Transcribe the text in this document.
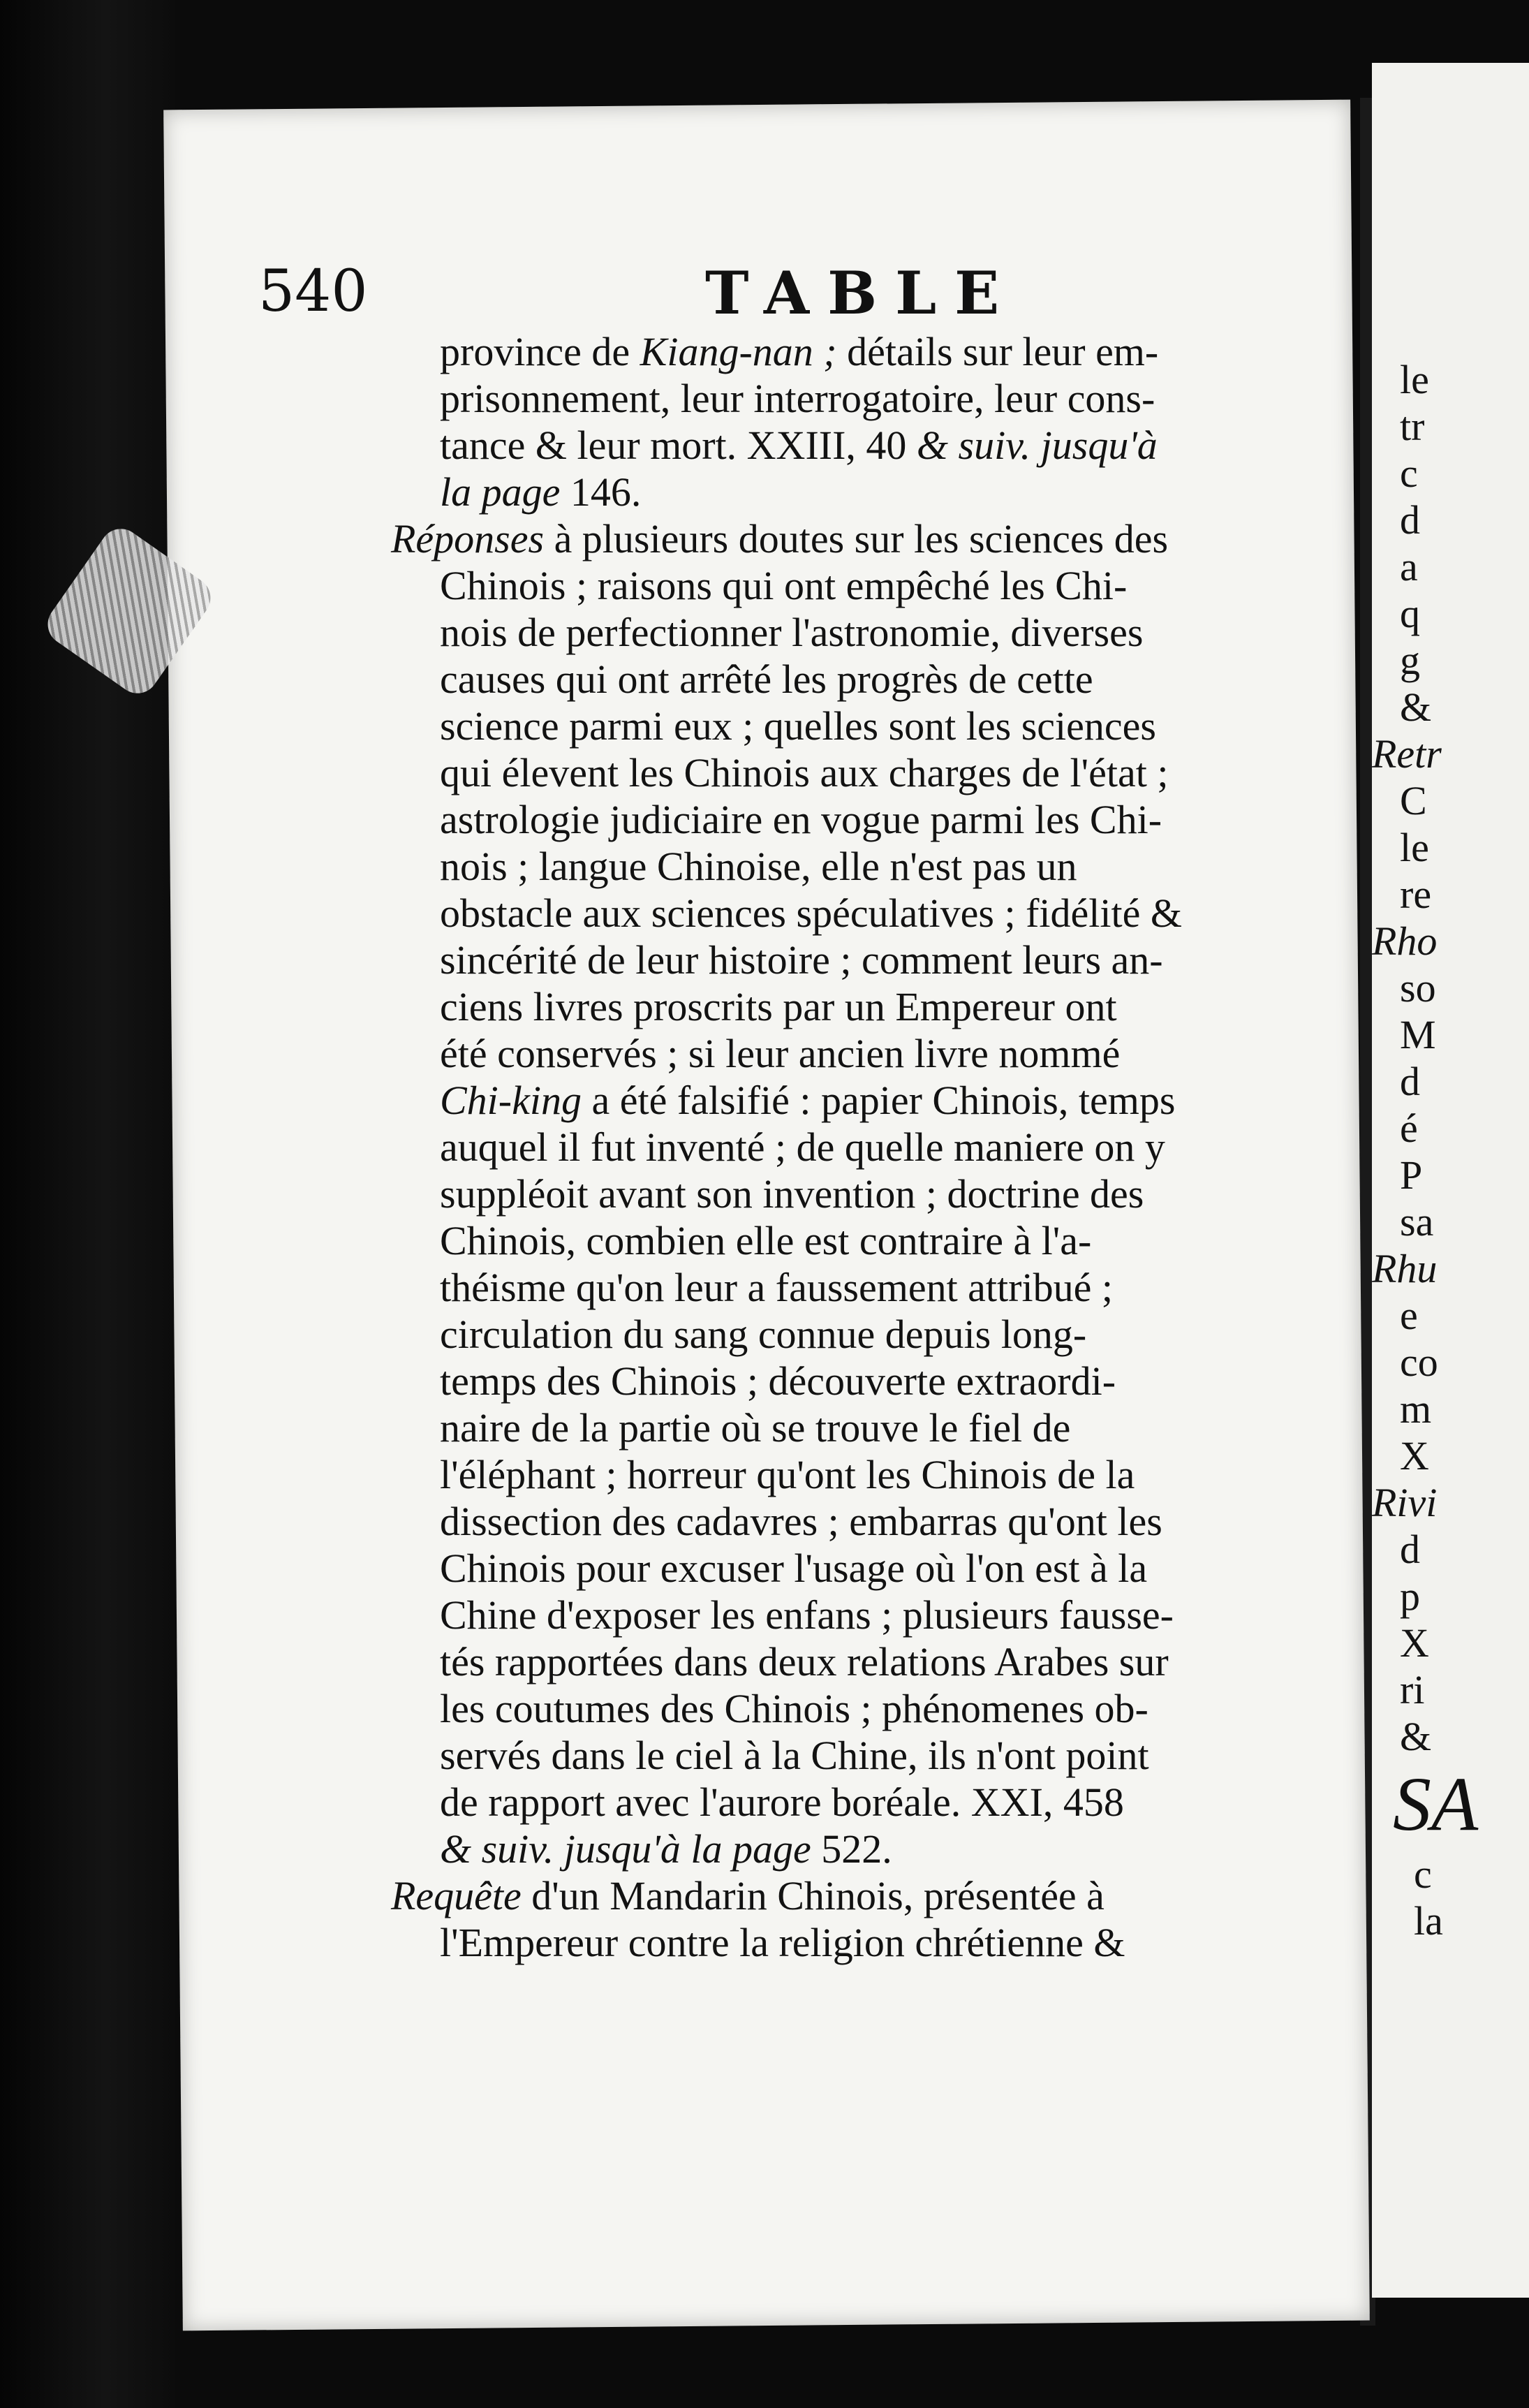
le
tr
c
d
a
q
g
&
Retr
C
le
re
Rho
so
M
d
é
P
sa
Rhu
e
co
m
X
Rivi
d
p
X
ri
&
SA
c
la
540	TABLE
province de Kiang-nan ; détails sur leur em-
prisonnement, leur interrogatoire, leur cons-
tance & leur mort. XXIII, 40 & suiv. jusqu'à
la page 146.
Réponses à plusieurs doutes sur les sciences des
Chinois ; raisons qui ont empêché les Chi-
nois de perfectionner l'astronomie, diverses
causes qui ont arrêté les progrès de cette
science parmi eux ; quelles sont les sciences
qui élevent les Chinois aux charges de l'état ;
astrologie judiciaire en vogue parmi les Chi-
nois ; langue Chinoise, elle n'est pas un
obstacle aux sciences spéculatives ; fidélité &
sincérité de leur histoire ; comment leurs an-
ciens livres proscrits par un Empereur ont
été conservés ; si leur ancien livre nommé
Chi-king a été falsifié : papier Chinois, temps
auquel il fut inventé ; de quelle maniere on y
suppléoit avant son invention ; doctrine des
Chinois, combien elle est contraire à l'a-
théisme qu'on leur a faussement attribué ;
circulation du sang connue depuis long-
temps des Chinois ; découverte extraordi-
naire de la partie où se trouve le fiel de
l'éléphant ; horreur qu'ont les Chinois de la
dissection des cadavres ; embarras qu'ont les
Chinois pour excuser l'usage où l'on est à la
Chine d'exposer les enfans ; plusieurs fausse-
tés rapportées dans deux relations Arabes sur
les coutumes des Chinois ; phénomenes ob-
servés dans le ciel à la Chine, ils n'ont point
de rapport avec l'aurore boréale. XXI, 458
& suiv. jusqu'à la page 522.
Requête d'un Mandarin Chinois, présentée à
l'Empereur contre la religion chrétienne &
